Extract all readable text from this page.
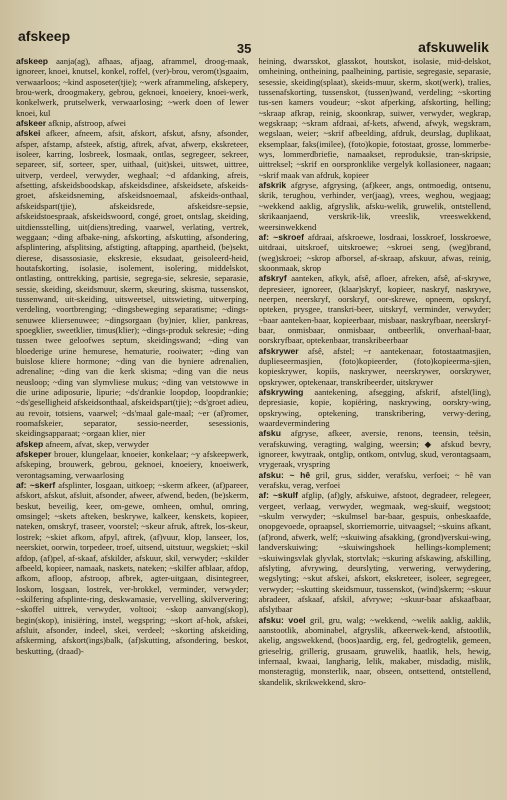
afskeep
35	afskuwelik
afskeep aanja(ag), afhaas, afjaag, aframmel, droog-maak, ignoreer, knoei, knutsel, konkel, roffel, (ver)-brou, verom(t)sgaaim, verwaarloos; ~kind asposeter(tjie); ~werk aframmeling, afskepery, brou-werk, droogmakery, gebrou, geknoei, knoeiery, knoei-werk, konkelwerk, prutselwerk, verwaarlosing; ~werk doen of lewer knoei, kul
afskeer afknip, afstroop, afwei
afskei afkeer, afneem, afsit, afskort, afskut, afsny, afsonder, afsper, afstamp, afsteek, afstig, aftrek, afvat, afwerp, ekskreteer, isoleer, karring, losbreek, losmaak, ontlas, segregeer, sekreer, separeer, sif, sorteer, sper, uithaal, (uit)skei, uitswet, uittree, uitverp, verdeel, verwyder, weghaal; ~d afdanking, afreis, afsetting, afskeidsboodskap, afskeidsdinee, afskeidsete, afskeids-groet, afskeidsneming, afskeidsnoemaal, afskeids-onthaal, afskeidspart(tjie), afskeidsrede, afskeidsre-sepsie, afskeidstoespraak, afskeidswoord, congé, groet, ontslag, skeiding, uitdiensstelling, uit(diens)treding, vaarwel, verlating, vertrek, weggaan; ~ding afbake-ning, afskorting, afskutting, afsondering, afsplintering, afsplitsing, afstigting, aftapping, apartheid, (be)sekt, dierese, disassosiasie, ekskresie, eksudaat, geisoleerd-heid, houtafskorting, isolasie, isolement, isolering, middelskot, ontlasting, onttrekking, partisie, segrega-sie, sekresie, separasie, sessie, skeiding, skeidsmuur, skerm, skeuring, skisma, tussenskot, tussenwand, uit-skeiding, uitsweetsel, uitswieting, uitwerping, verdeling, voortbrenging; ~dingsbeweging separatisme; ~dings-senuwee kliersenuwee; ~dingsorgaan (by)nier, klier, pankreas, spoegklier, sweetklier, timus(klier); ~dings-produk sekresie; ~ding tussen twee geloofwes septum, skeidingswand; ~ding van bloederige urine hemurese, hematurie, rooiwater; ~ding van buislose kliere hormone; ~ding van die byniere adrenalien, adrenaline; ~ding van die kerk skisma; ~ding van die neus neusloop; ~ding van slymvliese mukus; ~ding van vetstowwe in die urine adiposurie, lipurie; ~ds'drankie loopdop, loopdrankie; ~ds'geselligheid afskeidsonthaal, afskeidspart(tjie); ~ds'groet adieu, au revoir, totsiens, vaarwel; ~ds'maal gale-maal; ~er (af)romer, roomafskeier, separator, sessio-neerder, sesessionis, skeidingsapparaat; ~orgaan klier, nier
afskep afneem, afvat, skep, verwyder
afskeper brouer, klungelaar, knoeier, konkelaar; ~y afskeepwerk, afskeping, brouwerk, gebrou, geknoei, knoeiery, knoeiwerk, verontagsaming, verwaarlosing
af: ~skerf afsplinter, losgaan, uitkoep; ~skerm afkeer, (af)pareer, afskort, afskut, afsluit, afsonder, afweer, afwend, beden, (be)skerm, beskut, beveilig, keer, om-gewe, omheen, omhul, omring, omsingel; ~skets afteken, beskrywe, kalkeer, kenskets, kopieer, nateken, omskryf, traseer, voorstel; ~skeur afruk, aftrek, los-skeur, lostrek; ~skiet afkom, afpyl, aftrek, (af)vuur, klop, lanseer, los, neerskiet, oorwin, torpedeer, troef, uitsend, uitstuur, wegskiet; ~skil afdop, (af)pel, af-skaaf, afskilder, afskuur, skil, verwyder; ~skilder afbeeld, kopieer, namaak, naskets, nateken; ~skilfer afblaar, afdop, afkom, afloop, afstroop, afbrek, agter-uitgaan, disintegreer, loskom, losgaan, lostrek, ver-brokkel, verminder, verwyder; ~skilfering afsplinte-ring, deskwamasie, vervelling, skilververing; ~skoffel uittrek, verwyder, voltooi; ~skop aanvang(skop), begin(skop), inisiëring, instel, wegspring; ~skort af-hok, afskei, afsluit, afsonder, indeel, skei, verdeel; ~skorting afskeiding, afskerming, afskort(ings)balk, (af)skutting, afsondering, beskot, beskutting, (draad)-
heining, dwarsskot, glasskot, houtskot, isolasie, mid-delskot, omheining, ontheining, paalheining, partisie, segregasie, separasie, sesessie, skeiding(splaat), skeids-muur, skerm, skot(werk), tralies, tussenafskorting, tussenskot, (tussen)wand, verdeling; ~skorting tus-sen kamers voudeur; ~skot afperking, afskorting, helling; ~skraap afkrap, reinig, skoonkrap, suiwer, verwyder, wegkrap, wegskraap; ~skram afdraai, af-kets, afwend, afwyk, wegskram, wegslaan, weier; ~skrif afbeelding, afdruk, deurslag, duplikaat, eksemplaar, faks(imilee), (foto)kopie, fotostaat, grosse, lommerbe-wys, lommerdbriefie, namaakset, reproduksie, tran-skripsie, uittreksel; ~skrif en oorspronklike vergelyk kollasioneer, nagaan; ~skrif maak van afdruk, kopieer
afskrik afgryse, afgrysing, (af)keer, angs, ontmoedig, ontsenu, skrik, terughou, verhinder, ver(jaag), vrees, weghou, wegjaag; ~wekkend aaklig, afgryslik, afsku-welik, gruwelik, ontstellend, skrikaanjaend, verskrik-lik, vreeslik, vreeswekkend, weersinwekkend
af: ~skroef afdraai, afskroewe, losdraai, losskroef, losskroewe, uitdraai, uitskroef, uitskroewe; ~skroei seng, (weg)brand, (weg)skroei; ~skrop afborsel, af-skraap, afskuur, afwas, reinig, skoonmaak, skrop
afskryf aanteken, afkyk, afsê, afloer, afreken, afsê, af-skrywe, depresieer, ignoreer, (klaar)skryf, kopieer, naskryf, naskrywe, neerpen, neerskryf, oorskryf, oor-skrewe, opneem, opskryf, opteken, prysgee, transkri-beer, uitskryf, verminder, verwyder; ~baar aanteken-baar, kopieerbaar, misbaar, naskryfbaar, neerskryf-baar, onmisbaar, onmisbaar, ontbeerlik, onverhaal-baar, oorskryfbaar, optekenbaar, transkribeerbaar
afskrywer afsê, afstel; ~r aantekenaar, fotostaatmasjien, duplieseermasjien, (foto)kopieerder, (foto)kopieerma-sjien, kopieskrywer, kopiïs, naskrywer, neerskrywer, oorskrywer, opskrywer, optekenaar, transkribeerder, uitskrywer
afskrywing aantekening, afsegging, afskrif, afstel(ling), depresiasie, kopie, kopiëring, naskrywing, oorskry-wing, opskrywing, optekening, transkribering, verwy-dering, waardevermindering
afsku afgryse, afkeer, aversie, renons, teensin, teësin, verafskuwing, veragting, walging, weersin; ◆ afskud bevry, ignoreer, kwytraak, ontglip, ontkom, ontvlug, skud, verontagsaam, vrygeraak, vryspring
afsku: ~ hê gril, grus, sidder, verafsku, verfoei; ~ hê van verafsku, verag, verfoei
af: ~skulf afglip, (af)gly, afskuiwe, afstoot, degradeer, relegeer, vergeet, verlaag, verwyder, wegmaak, weg-skuif, wegstoot; ~skulm verwyder; ~skulmsel bar-baar, gespuis, onbeskaafde, onopgevoede, opraapsel, skorriemorrie, uitvaagsel; ~skuins afkant, (af)rond, afwerk, welf; ~skuiwing afsakking, (grond)verskui-wing, landverskuiwing; ~skuiwingshoek hellings-komplement; ~skuiwingsvlak glyvlak, stortvlak; ~skuring afskawing, afskilling, afslyting, afvrywing, deurslyting, verwering, verwydering, wegslyting; ~skut afskei, afskort, ekskreteer, isoleer, segregeer, verwyder; ~skutting skeidsmuur, tussenskot, (wind)skerm; ~skuur abradeer, afskaaf, afskil, afvrywe; ~skuur-baar afskaafbaar, afslytbaar
afsku: voel gril, gru, walg; ~wekkend, ~welik aaklig, aaklik, aanstootlik, abominabel, afgryslik, afkeerwek-kend, afstootlik, akelig, angswekkend, (boos)aardig, erg, fel, gedrogtelik, gemeen, grieselrig, grillerig, grusaam, gruwelik, haatlik, hels, hewig, infernaal, kwaai, langharig, lelik, makaber, misdadig, mislik, monsteragtig, monsterlik, naar, obseen, ontsettend, ontstellend, skandelik, skrikwekkend, skro-
